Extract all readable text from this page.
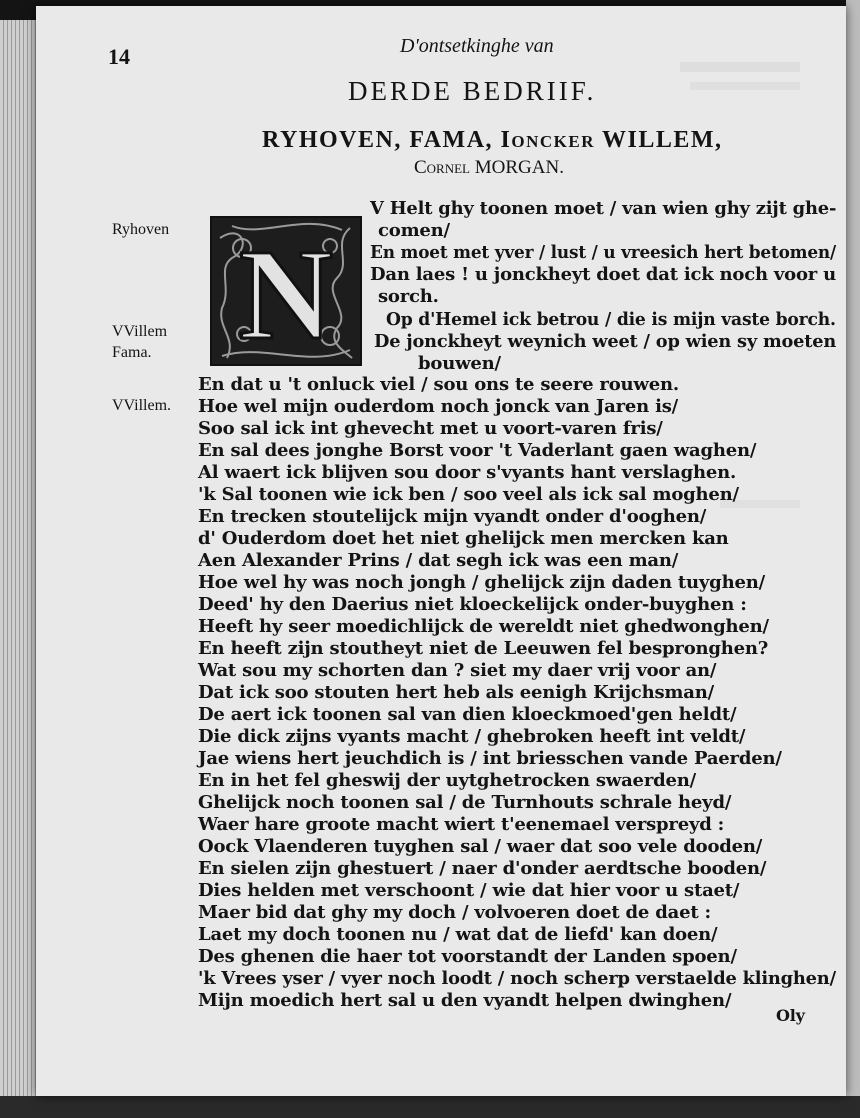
14	D'ontsetkinghe van
DERDE BEDRIIF.
RYHOVEN, FAMA, Ioncker WILLEM,
Cornel MORGAN.
N
Ryhoven
VVillem
Fama.
VVillem.
V Helt ghy toonen moet / van wien ghy zijt ghe-
comen/
En moet met yver / lust / u vreesich hert betomen/
Dan laes ! u jonckheyt doet dat ick noch voor u
sorch.
Op d'Hemel ick betrou / die is mijn vaste borch.
De jonckheyt weynich weet / op wien sy moeten
bouwen/
En dat u 't onluck viel / sou ons te seere rouwen.
Hoe wel mijn ouderdom noch jonck van Jaren is/
Soo sal ick int ghevecht met u voort-varen fris/
En sal dees jonghe Borst voor 't Vaderlant gaen waghen/
Al waert ick blijven sou door s'vyants hant verslaghen.
'k Sal toonen wie ick ben / soo veel als ick sal moghen/
En trecken stoutelijck mijn vyandt onder d'ooghen/
d' Ouderdom doet het niet ghelijck men mercken kan
Aen Alexander Prins / dat segh ick was een man/
Hoe wel hy was noch jongh / ghelijck zijn daden tuyghen/
Deed' hy den Daerius niet kloeckelijck onder-buyghen :
Heeft hy seer moedichlijck de wereldt niet ghedwonghen/
En heeft zijn stoutheyt niet de Leeuwen fel bespronghen?
Wat sou my schorten dan ? siet my daer vrij voor an/
Dat ick soo stouten hert heb als eenigh Krijchsman/
De aert ick toonen sal van dien kloeckmoed'gen heldt/
Die dick zijns vyants macht / ghebroken heeft int veldt/
Jae wiens hert jeuchdich is / int briesschen vande Paerden/
En in het fel gheswij der uytghetrocken swaerden/
Ghelijck noch toonen sal / de Turnhouts schrale heyd/
Waer hare groote macht wiert t'eenemael verspreyd :
Oock Vlaenderen tuyghen sal / waer dat soo vele dooden/
En sielen zijn ghestuert / naer d'onder aerdtsche booden/
Dies helden met verschoont / wie dat hier voor u staet/
Maer bid dat ghy my doch / volvoeren doet de daet :
Laet my doch toonen nu / wat dat de liefd' kan doen/
Des ghenen die haer tot voorstandt der Landen spoen/
'k Vrees yser / vyer noch loodt / noch scherp verstaelde klinghen/
Mijn moedich hert sal u den vyandt helpen dwinghen/
Oly
